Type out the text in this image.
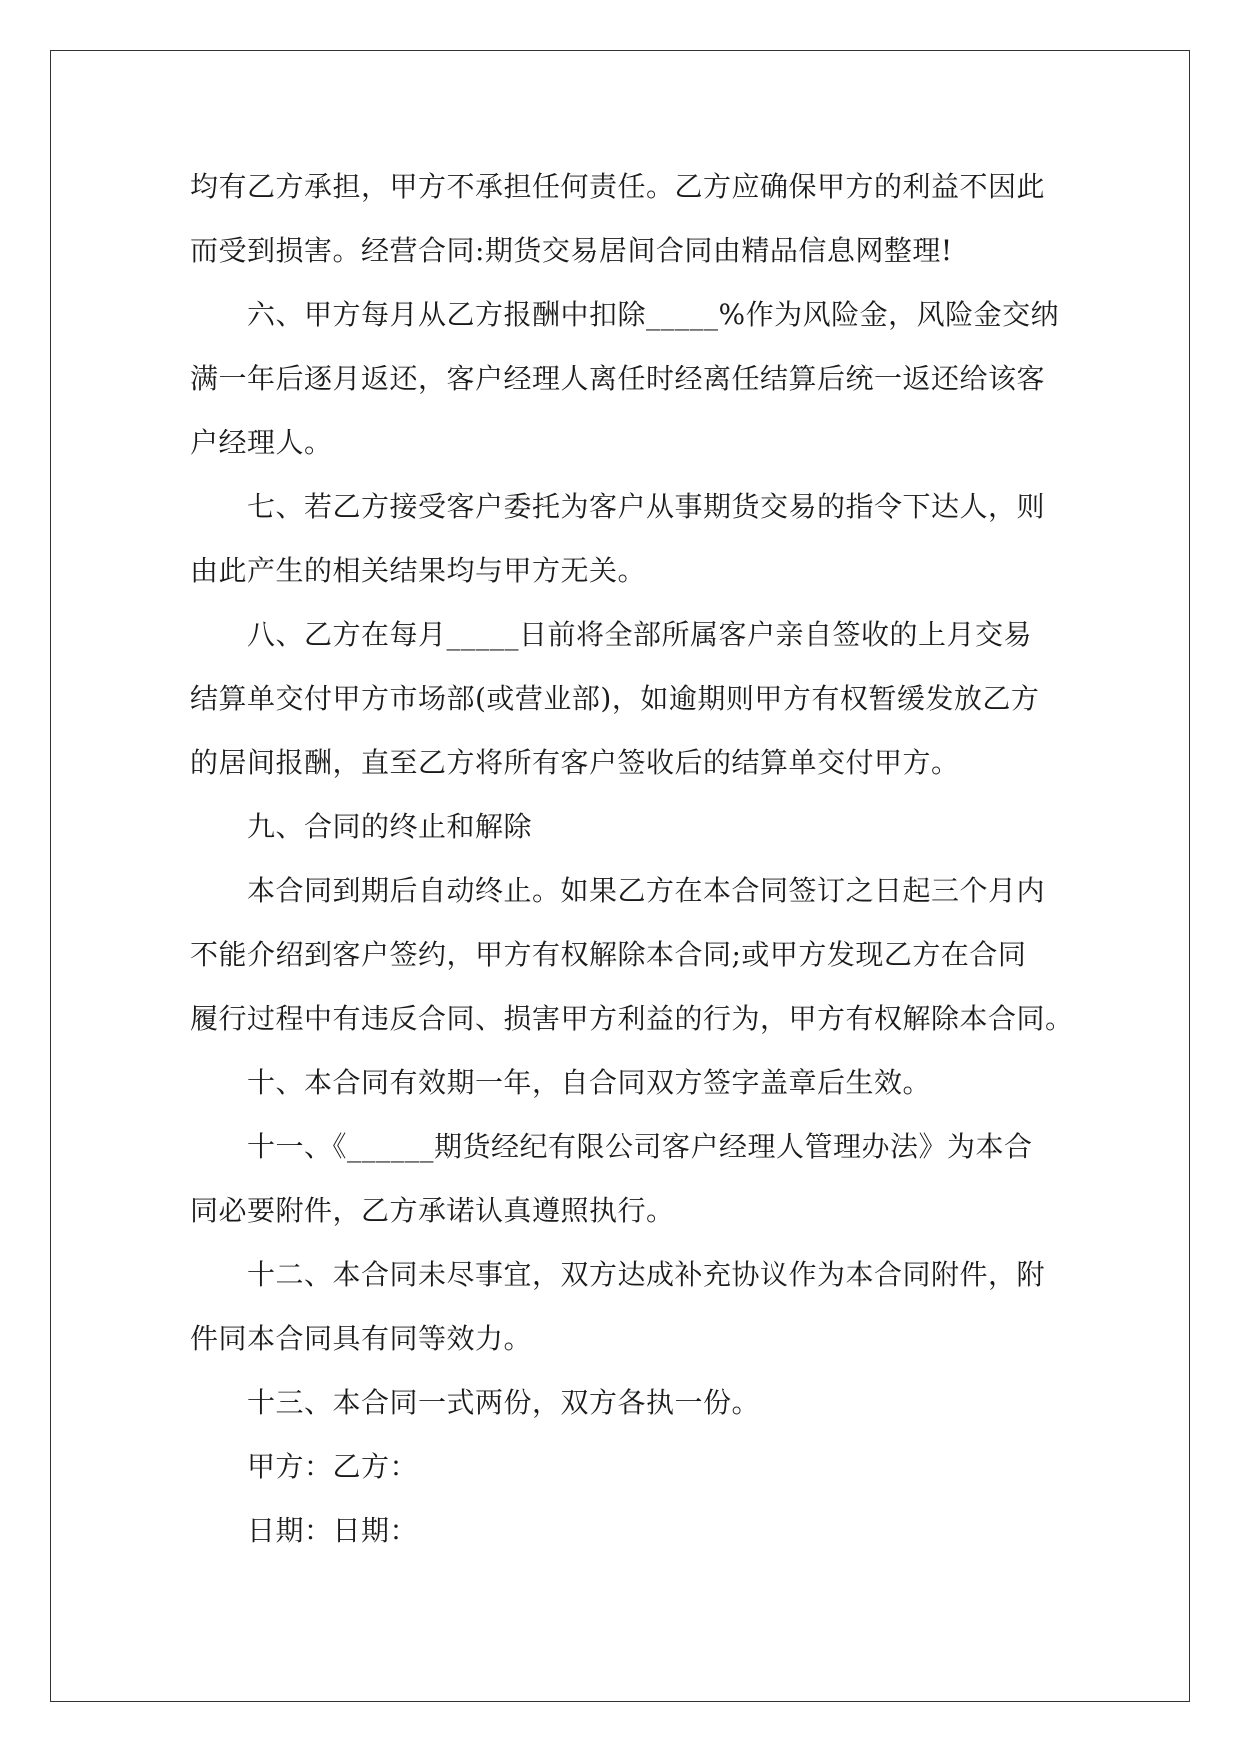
均有乙方承担，甲方不承担任何责任。乙方应确保甲方的利益不因此
而受到损害。经营合同:期货交易居间合同由精品信息网整理!
六、甲方每月从乙方报酬中扣除_____%作为风险金，风险金交纳
满一年后逐月返还，客户经理人离任时经离任结算后统一返还给该客
户经理人。
七、若乙方接受客户委托为客户从事期货交易的指令下达人，则
由此产生的相关结果均与甲方无关。
八、乙方在每月_____日前将全部所属客户亲自签收的上月交易
结算单交付甲方市场部(或营业部)，如逾期则甲方有权暂缓发放乙方
的居间报酬，直至乙方将所有客户签收后的结算单交付甲方。
九、合同的终止和解除
本合同到期后自动终止。如果乙方在本合同签订之日起三个月内
不能介绍到客户签约，甲方有权解除本合同;或甲方发现乙方在合同
履行过程中有违反合同、损害甲方利益的行为，甲方有权解除本合同。
十、本合同有效期一年，自合同双方签字盖章后生效。
十一、《______期货经纪有限公司客户经理人管理办法》为本合
同必要附件，乙方承诺认真遵照执行。
十二、本合同未尽事宜，双方达成补充协议作为本合同附件，附
件同本合同具有同等效力。
十三、本合同一式两份，双方各执一份。
甲方：乙方：
日期：日期：
